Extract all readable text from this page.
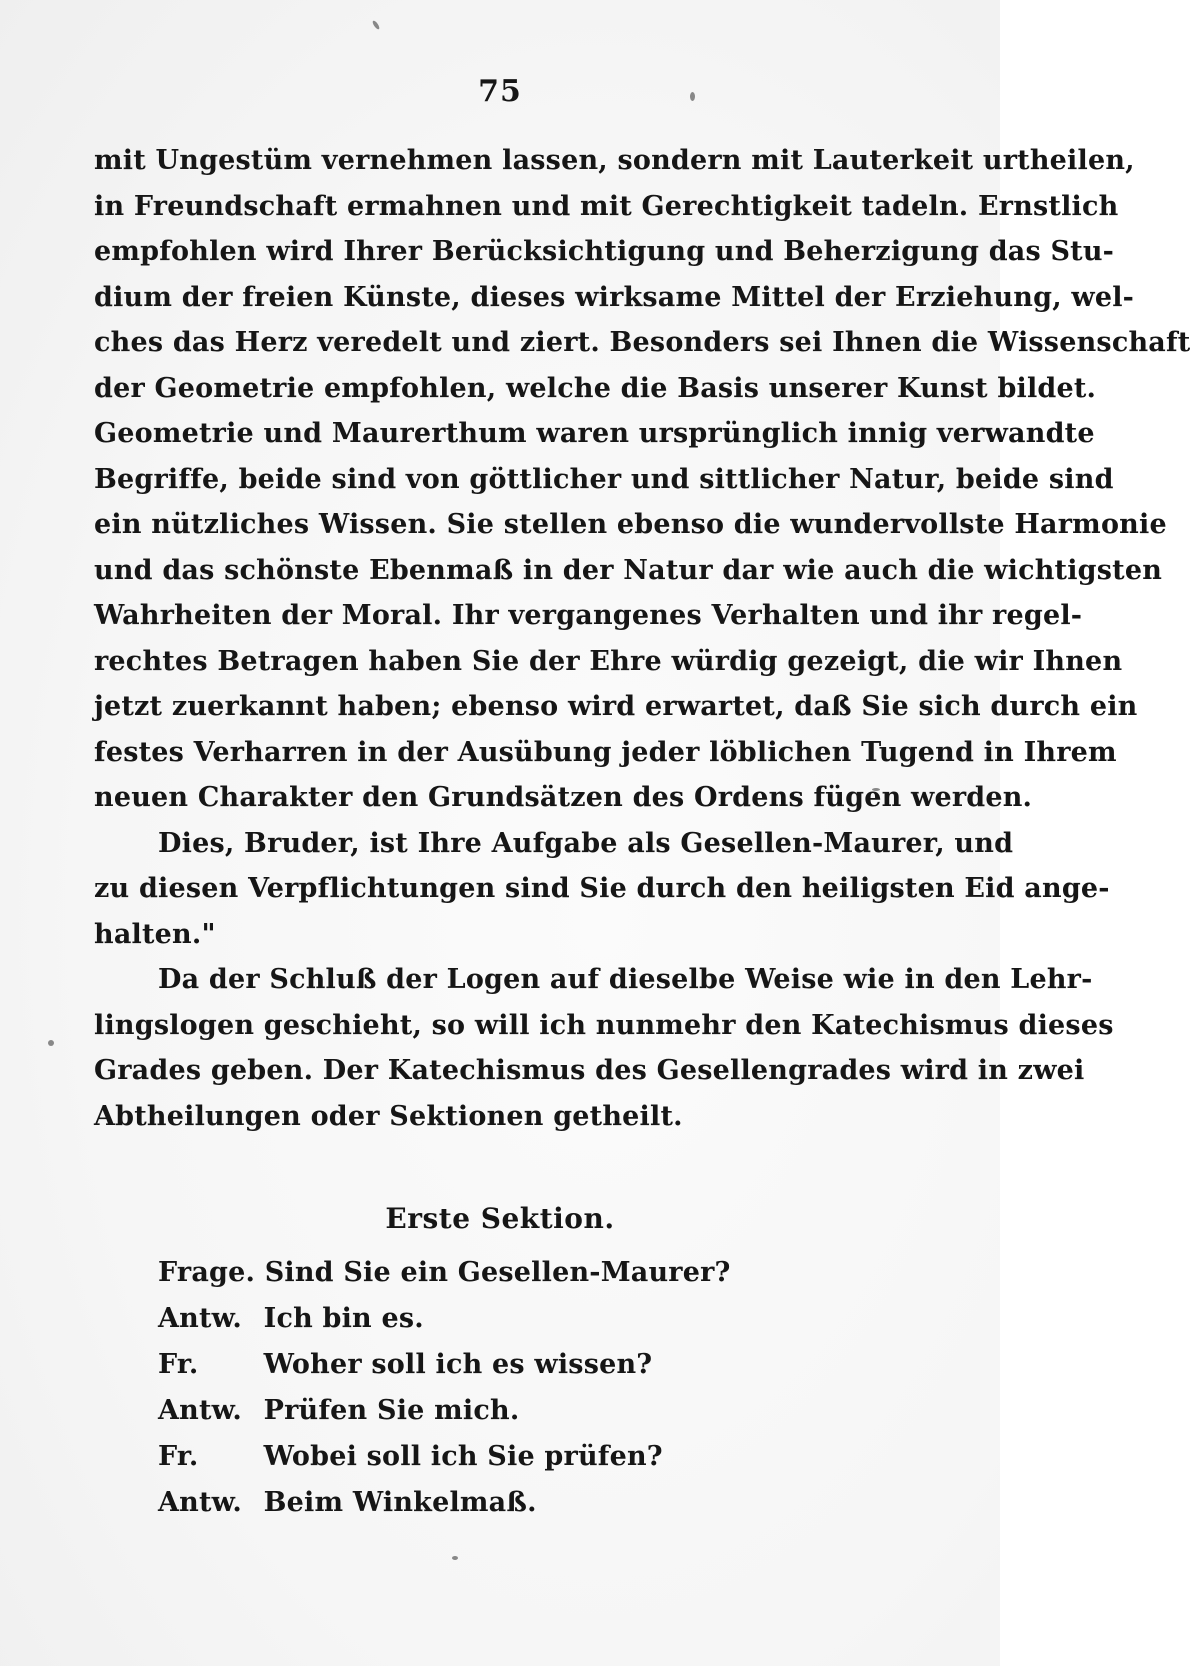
75
mit Ungestüm vernehmen lassen, sondern mit Lauterkeit urtheilen,
in Freundschaft ermahnen und mit Gerechtigkeit tadeln. Ernstlich
empfohlen wird Ihrer Berücksichtigung und Beherzigung das Stu-
dium der freien Künste, dieses wirksame Mittel der Erziehung, wel-
ches das Herz veredelt und ziert. Besonders sei Ihnen die Wissenschaft
der Geometrie empfohlen, welche die Basis unserer Kunst bildet.
Geometrie und Maurerthum waren ursprünglich innig verwandte
Begriffe, beide sind von göttlicher und sittlicher Natur, beide sind
ein nützliches Wissen. Sie stellen ebenso die wundervollste Harmonie
und das schönste Ebenmaß in der Natur dar wie auch die wichtigsten
Wahrheiten der Moral. Ihr vergangenes Verhalten und ihr regel-
rechtes Betragen haben Sie der Ehre würdig gezeigt, die wir Ihnen
jetzt zuerkannt haben; ebenso wird erwartet, daß Sie sich durch ein
festes Verharren in der Ausübung jeder löblichen Tugend in Ihrem
neuen Charakter den Grundsätzen des Ordens fügen werden.
Dies, Bruder, ist Ihre Aufgabe als Gesellen-Maurer, und
zu diesen Verpflichtungen sind Sie durch den heiligsten Eid ange-
halten."
Da der Schluß der Logen auf dieselbe Weise wie in den Lehr-
lingslogen geschieht, so will ich nunmehr den Katechismus dieses
Grades geben. Der Katechismus des Gesellengrades wird in zwei
Abtheilungen oder Sektionen getheilt.
Erste Sektion.
Frage. Sind Sie ein Gesellen-Maurer?
Antw. Ich bin es.
Fr. Woher soll ich es wissen?
Antw. Prüfen Sie mich.
Fr. Wobei soll ich Sie prüfen?
Antw. Beim Winkelmaß.
